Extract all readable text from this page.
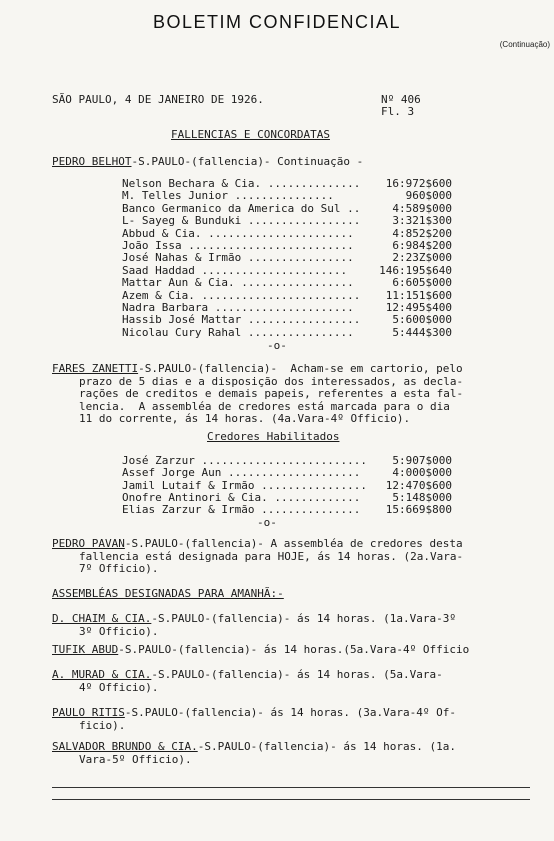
BOLETIM CONFIDENCIAL
(Continuação)
SÃO PAULO, 4 DE JANEIRO DE 1926.	Nº 406
Fl. 3
FALLENCIAS E CONCORDATAS
PEDRO BELHOT-S.PAULO-(fallencia)- Continuação -
Nelson Bechara & Cia. .............. 16:972$600
M. Telles Junior ...............	960$000
Banco Germanico da America do Sul ..	4:589$000
L- Sayeg & Bunduki .................	3:321$300
Abbud & Cia. ......................	4:852$200
João Issa .........................	6:984$200
José Nahas & Irmão ................	2:23Z$000
Saad Haddad ......................	146:195$640
Mattar Aun & Cia. .................	6:605$000
Azem & Cia. ........................ 11:151$600
Nadra Barbara .....................	12:495$400
Hassib José Mattar .................	5:600$000
Nicolau Cury Rahal ................	5:444$300
-o-
FARES ZANETTI-S.PAULO-(fallencia)-  Acham-se em cartorio, pelo
prazo de 5 dias e a disposição dos interessados, as decla-
rações de creditos e demais papeis, referentes a esta fal-
lencia.  A assembléa de credores está marcada para o dia
11 do corrente, ás 14 horas. (4a.Vara-4º Officio).
Credores Habilitados
José Zarzur ......................... 5:907$000
Assef Jorge Aun ....................	4:000$000
Jamil Lutaif & Irmão ................ 12:470$600
Onofre Antinori & Cia. .............	5:148$000
Elias Zarzur & Irmão ............... 15:669$800
-o-
PEDRO PAVAN-S.PAULO-(fallencia)- A assembléa de credores desta
fallencia está designada para HOJE, ás 14 horas. (2a.Vara-
7º Officio).
ASSEMBLÉAS DESIGNADAS PARA AMANHÃ:-
D. CHAIM & CIA.-S.PAULO-(fallencia)- ás 14 horas. (1a.Vara-3º
3º Officio).
TUFIK ABUD-S.PAULO-(fallencia)- ás 14 horas.(5a.Vara-4º Officio
A. MURAD & CIA.-S.PAULO-(fallencia)- ás 14 horas. (5a.Vara-
4º Officio).
PAULO RITIS-S.PAULO-(fallencia)- ás 14 horas. (3a.Vara-4º Of-
ficio).
SALVADOR BRUNDO & CIA.-S.PAULO-(fallencia)- ás 14 horas. (1a.
Vara-5º Officio).
